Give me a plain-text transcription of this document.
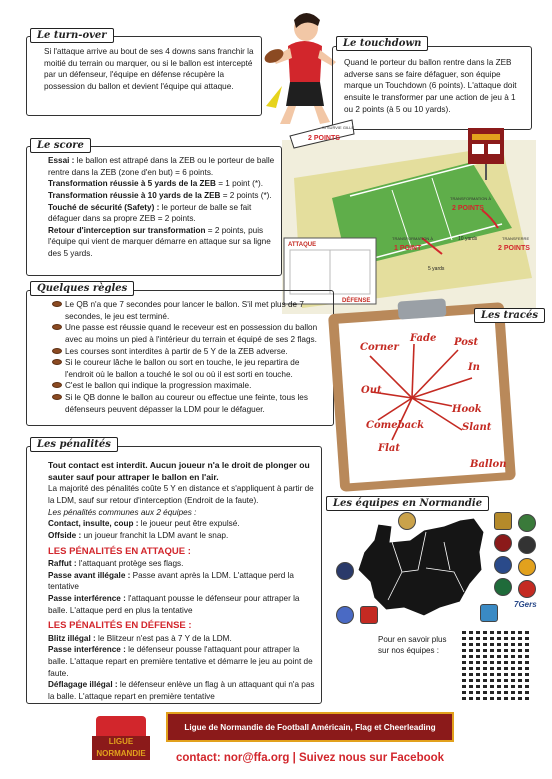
Le turn-over
Si l'attaque arrive au bout de ses 4 downs sans franchir la moitié du terrain ou marquer, ou si le ballon est intercepté par un défenseur, l'équipe en défense récupère la possession du ballon et devient l'équipe qui attaque.
Le touchdown
Quand le porteur du ballon rentre dans la ZEB adverse sans se faire défaguer, son équipe marque un Touchdown (6 points). L'attaque doit ensuite le transformer par une action de jeu à 1 ou 2 points (à 5 ou 10 yards).
Le score
Essai : le ballon est attrapé dans la ZEB ou le porteur de balle rentre dans la ZEB (zone d'en but) = 6 points.
Transformation réussie à 5 yards de la ZEB = 1 point (*).
Transformation réussie à 10 yards de la ZEB = 2 points (*).
Touché de sécurité (Safety) : le porteur de balle se fait défaguer dans sa propre ZEB = 2 points.
Retour d'interception sur transformation = 2 points, puis l'équipe qui vient de marquer démarre en attaque sur sa ligne des 5 yards.
SI SURVIE GILLE
2 POINTS
TRANSFORMATION À
2 POINTS
TRANSFORMATION À
1 POINT
TRANSFERRE
2 POINTS
10 yards
5 yards
ATTAQUE
DÉFENSE
Quelques règles
Le QB n'a que 7 secondes pour lancer le ballon. S'il met plus de 7 secondes, le jeu est terminé.
Une passe est réussie quand le receveur est en possession du ballon avec au moins un pied à l'intérieur du terrain et équipé de ses 2 flags.
Les courses sont interdites à partir de 5 Y de la ZEB adverse.
Si le coureur lâche le ballon ou sort en touche, le jeu repartira de l'endroit où le ballon a touché le sol ou où il est sorti en touche.
C'est le ballon qui indique la progression maximale.
Si le QB donne le ballon au coureur ou effectue une feinte, tous les défenseurs peuvent dépasser la LDM pour le défaguer.
Les tracés
Corner
Fade Post
In
Out
Hook
Comeback	Slant
Flat
Ballon
Les pénalités
Tout contact est interdit. Aucun joueur n'a le droit de plonger ou sauter sauf pour attraper le ballon en l'air.
La majorité des pénalités coûte 5 Y en distance et s'appliquent à partir de la LDM, sauf sur retour d'interception (Endroit de la faute).
Les pénalités communes aux 2 équipes :
Contact, insulte, coup : le joueur peut être expulsé.
Offside : un joueur franchit la LDM avant le snap.
LES PÉNALITÉS EN ATTAQUE :
Raffut : l'attaquant protège ses flags.
Passe avant illégale : Passe avant après la LDM. L'attaque perd la tentative
Passe interférence : l'attaquant pousse le défenseur pour attraper la balle. L'attaque perd en plus la tentative
LES PÉNALITÉS EN DÉFENSE :
Blitz illégal : le Blitzeur n'est pas à 7 Y de la LDM.
Passe interférence : le défenseur pousse l'attaquant pour attraper la balle. L'attaque repart en première tentative et démarre le jeu au point de faute.
Déflagage illégal : le défenseur enlève un flag à un attaquant qui n'a pas la balle. L'attaque repart en première tentative
Les équipes en Normandie
7Gers
Pour en savoir plus sur nos équipes :
LIGUE NORMANDIE
Ligue de Normandie de Football Américain, Flag et Cheerleading
contact: nor@ffa.org | Suivez nous sur Facebook
